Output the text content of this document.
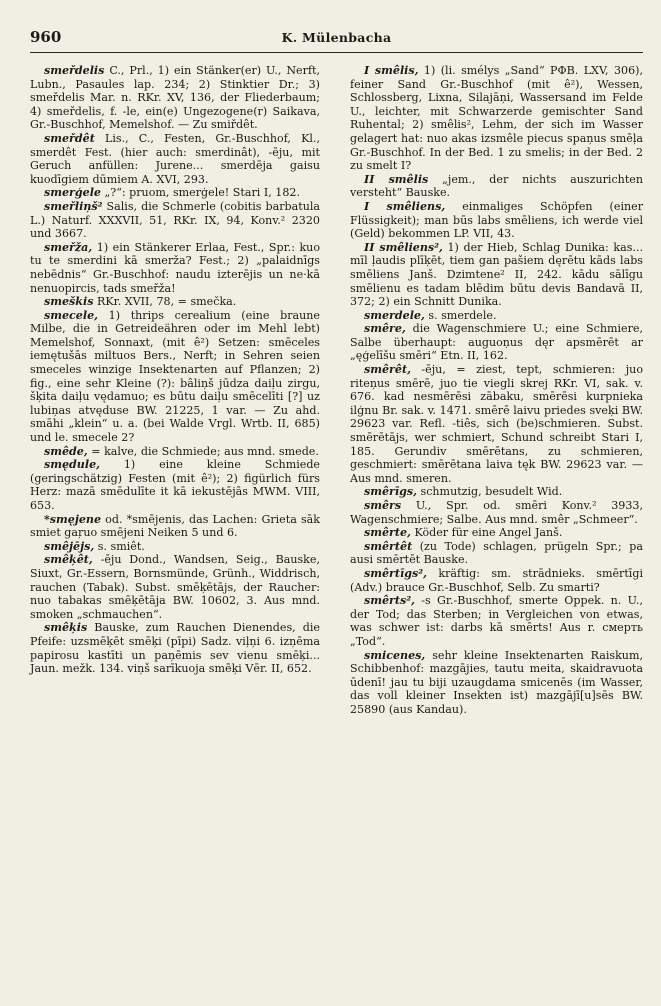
960	K. Mülenbacha

smeřdelis C., Prl., 1) ein Stänker(er) U., Nerft, Lubn., Pasaules lap. 234; 2) Stinktier Dr.; 3) smeřdelis Mar. n. RKr. XV, 136, der Fliederbaum; 4) smeřdelis, f. -le, ein(e) Ungezogene(r) Saikava, Gr.-Buschhof, Memelshof. — Zu smiřdêt.

smeřdêt Lis., C., Festen, Gr.-Buschhof, Kl., smerdêt Fest. (hier auch: smerdinât), -ēju, mit Geruch anfüllen: Jurene... smerdēja gaisu kuodīgiem dūmiem A. XVI, 293.

smerģele „?“: pruom, smerģele! Stari I, 182.

smeřliņš² Salis, die Schmerle (cobitis barbatula L.) Naturf. XXXVII, 51, RKr. IX, 94, Konv.² 2320 und 3667.

smeřža, 1) ein Stänkerer Erlaa, Fest., Spr.: kuo tu te smerdini kā smerža? Fest.; 2) „palaidnīgs nebēdnis“ Gr.-Buschhof: naudu izterējis un ne·kā nenuopircis, tads smeřža!

smeškis RKr. XVII, 78, = smečka.

smecele, 1) thrips cerealium (eine braune Milbe, die in Getreideähren oder im Mehl lebt) Memelshof, Sonnaxt, (mit ê²) Setzen: smēceles iemętušās miltuos Bers., Nerft; in Sehren seien smeceles winzige Insektenarten auf Pflanzen; 2) fig., eine sehr Kleine (?): bâliņš jūdza daiļu zirgu, šķita daiļu vędamuo; es būtu daiļu smēcelīti [?] uz lubiņas atvęduse BW. 21225, 1 var. — Zu ahd. smāhi „klein“ u. a. (bei Walde Vrgl. Wrtb. II, 685) und le. smecele 2?

smêde, = kalve, die Schmiede; aus mnd. smede.

smędule, 1) eine kleine Schmiede (geringschätzig) Festen (mit ê²); 2) figürlich fürs Herz: mazā smēdulīte it kā iekustējās MWM. VIII, 653.

*smęjene od. *smējenis, das Lachen: Grieta sāk smiet gaŗuo smējeni Neiken 5 und 6.

smêjējs, s. smiêt.

smêķêt, -ēju Dond., Wandsen, Seig., Bauske, Siuxt, Gr.-Essern, Bornsmünde, Grünh., Widdrisch, rauchen (Tabak). Subst. smēķētājs, der Raucher: nuo tabakas smēķētāja BW. 10602, 3. Aus mnd. smoken „schmauchen“.

smêķis Bauske, zum Rauchen Dienendes, die Pfeife: uzsmēķēt smēķi (pīpi) Sadz. viļņi 6. izņēma papirosu kastīti un paņēmis sev vienu smēķi... Jaun. mežk. 134. viņš sarīkuoja smēķi Vēr. II, 652.

I smêlis, 1) (li. smélys „Sand“ PΦB. LXV, 306), feiner Sand Gr.-Buschhof (mit ê²), Wessen, Schlossberg, Lixna, Silajāņi, Wassersand im Felde U., leichter, mit Schwarzerde gemischter Sand Ruhental; 2) smêlis², Lehm, der sich im Wasser gelagert hat: nuo akas izsmêle piecus spaņus smēļa Gr.-Buschhof. In der Bed. 1 zu smelis; in der Bed. 2 zu smelt I?

II smêlis „jem., der nichts auszurichten versteht“ Bauske.

I smêliens, einmaliges Schöpfen (einer Flüssigkeit); man būs labs smēliens, ich werde viel (Geld) bekommen LP. VII, 43.

II smêliens², 1) der Hieb, Schlag Dunika: kas... mīl ļaudis plīķēt, tiem gan pašiem dęrētu kāds labs smēliens Janš. Dzimtene² II, 242. kādu sālīgu smēlienu es tadam blēdim būtu devis Bandavā II, 372; 2) ein Schnitt Dunika.

smerdele, s. smerdele.

smêre, die Wagenschmiere U.; eine Schmiere, Salbe überhaupt: auguoņus dęr apsmērēt ar „ęģelīšu smēri“ Etn. II, 162.

smêrêt, -ēju, = ziest, tept, schmieren: juo riteņus smērē, juo tie viegli skrej RKr. VI, sak. v. 676. kad nesmērēsi zābaku, smērēsi kurpnieka ilģnu Br. sak. v. 1471. smērē laivu priedes sveķi BW. 29623 var. Refl. -tiês, sich (be)schmieren. Subst. smērētājs, wer schmiert, Schund schreibt Stari I, 185. Gerundiv smērētans, zu schmieren, geschmiert: smērētana laiva tęk BW. 29623 var. — Aus mnd. smeren.

smêrīgs, schmutzig, besudelt Wid.

smêrs U., Spr. od. smēri Konv.² 3933, Wagenschmiere; Salbe. Aus mnd. smêr „Schmeer“.

smêrte, Köder für eine Angel Janš.

smêrtêt (zu Tode) schlagen, prügeln Spr.; pa ausi smērtēt Bauske.

smêrtīgs², kräftig: sm. strādnieks. smērtīgi (Adv.) brauce Gr.-Buschhof, Selb. Zu smarti?

smêrts², -s Gr.-Buschhof, smerte Oppek. n. U., der Tod; das Sterben; in Vergleichen von etwas, was schwer ist: darbs kā smērts! Aus r. смерть „Tod“.

smicenes, sehr kleine Insektenarten Raiskum, Schibbenhof: mazgājies, tautu meita, skaidravuota ūdenī! jau tu biji uzaugdama smicenēs (im Wasser, das voll kleiner Insekten ist) mazgājī[u]sēs BW. 25890 (aus Kandau).
